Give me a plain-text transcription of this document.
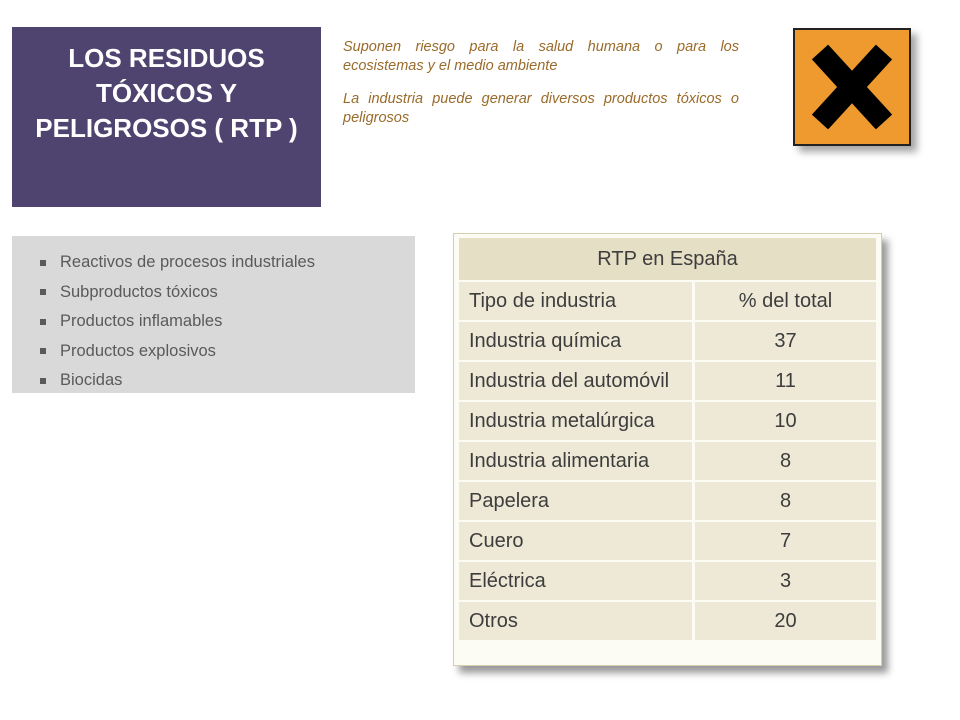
LOS RESIDUOS TÓXICOS Y PELIGROSOS ( RTP )

Suponen riesgo para la salud humana o para los ecosistemas y el medio ambiente

La industria puede generar diversos productos tóxicos o peligrosos

Reactivos de procesos industriales
Subproductos tóxicos
Productos inflamables
Productos explosivos
Biocidas
RTP en España	
Tipo de industria	% del total
Industria química	37
Industria del automóvil	11
Industria metalúrgica	10
Industria alimentaria	8
Papelera	8
Cuero	7
Eléctrica	3
Otros	20
